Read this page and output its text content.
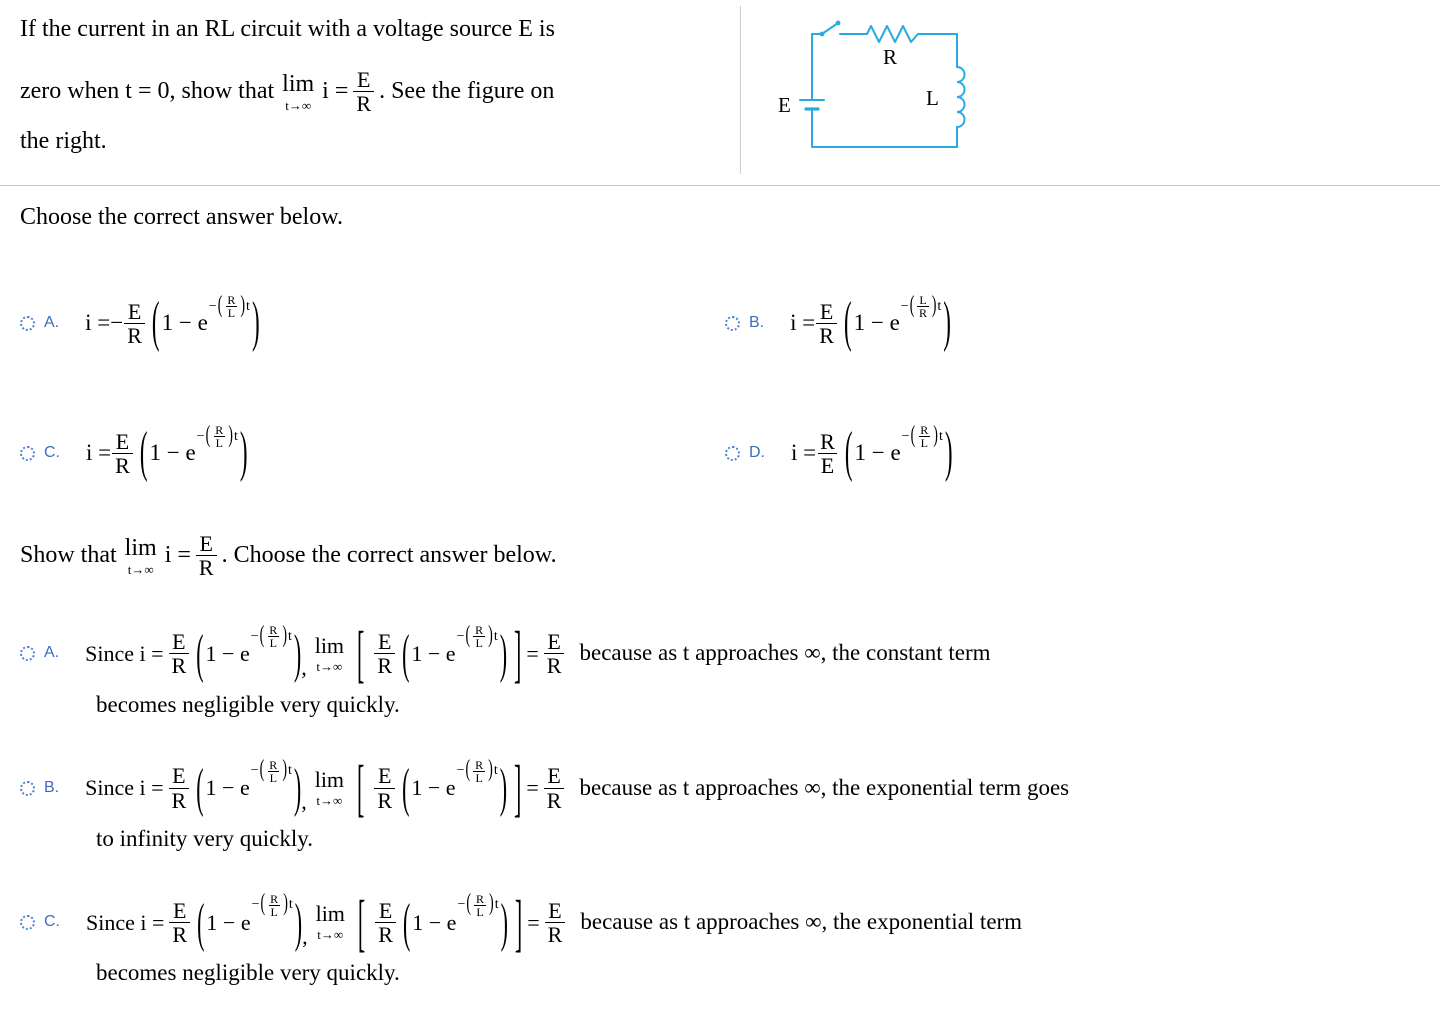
If the current in an RL circuit with a voltage source E is
zero when t = 0, show that lim
t→∞
$i = \frac{E}{R}$ . See the figure on
the right.
E
R
L
Choose the correct answer below.
A. i = − $\frac{E}{R}$ ( 1 − e
− ( $\frac{R}{L}$ ) t )	B. $i = \frac{E}{R}$ ( 1 − e
− ( $\frac{L}{R}$ ) t )
C. $i = \frac{E}{R}$ ( 1 − e
− ( $\frac{R}{L}$ ) t )	D. $i = \frac{R}{E}$ ( 1 − e
− ( $\frac{R}{L}$ ) t )
Show that lim
t→∞
$i = \frac{E}{R}$ . Choose the correct answer below.
A. Since $i = \frac{E}{R}$ ( 1 − e
− ( $\frac{R}{L}$ ) t ) ,
lim
t→∞ [ $\frac{E}{R}$ ( 1 − e
− ( $\frac{R}{L}$ ) t ) ] = $\frac{E}{R}$ because as t approaches ∞, the constant term
becomes negligible very quickly.
B. Since $i = \frac{E}{R}$ ( 1 − e
− ( $\frac{R}{L}$ ) t ) ,
lim
t→∞ [ $\frac{E}{R}$ ( 1 − e
− ( $\frac{R}{L}$ ) t ) ] = $\frac{E}{R}$ because as t approaches ∞, the exponential term goes
to infinity very quickly.
C. Since $i = \frac{E}{R}$ ( 1 − e
− ( $\frac{R}{L}$ ) t ) ,
lim
t→∞ [ $\frac{E}{R}$ ( 1 − e
− ( $\frac{R}{L}$ ) t ) ] = $\frac{E}{R}$ because as t approaches ∞, the exponential term
becomes negligible very quickly.
